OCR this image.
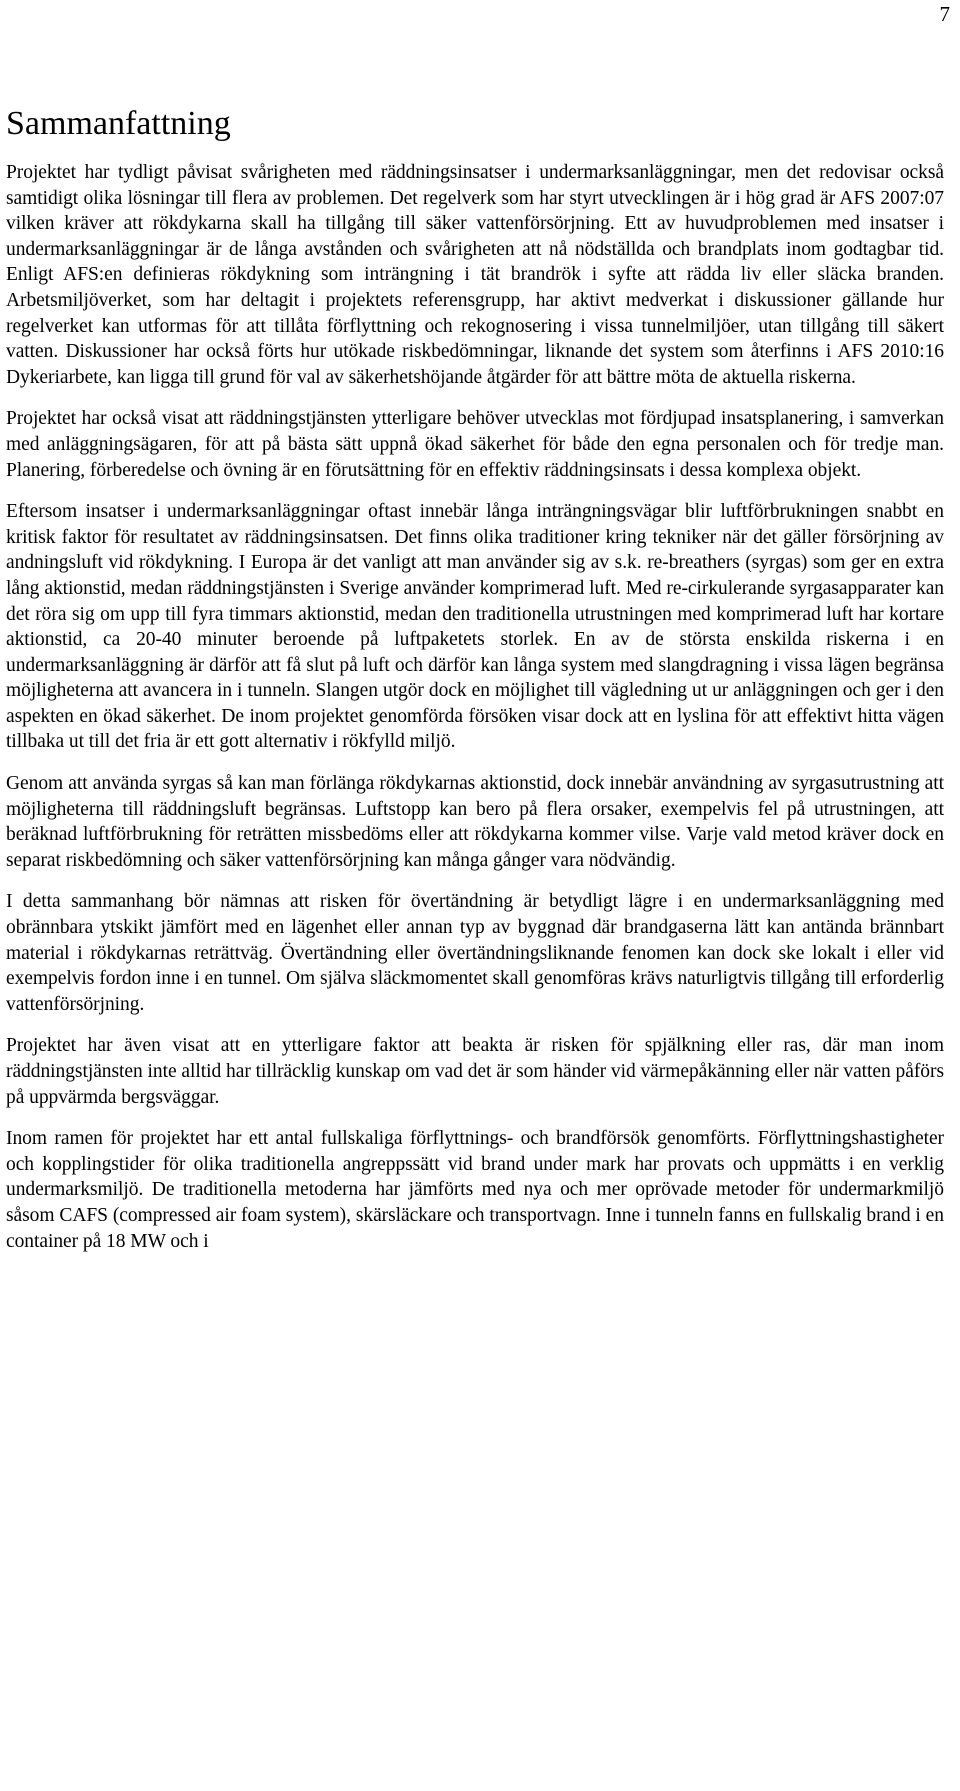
7

Sammanfattning

Projektet har tydligt påvisat svårigheten med räddningsinsatser i undermarksanläggningar, men det redovisar också samtidigt olika lösningar till flera av problemen. Det regelverk som har styrt utvecklingen är i hög grad är AFS 2007:07 vilken kräver att rökdykarna skall ha tillgång till säker vattenförsörjning. Ett av huvudproblemen med insatser i undermarksanläggningar är de långa avstånden och svårigheten att nå nödställda och brandplats inom godtagbar tid. Enligt AFS:en definieras rökdykning som inträngning i tät brandrök i syfte att rädda liv eller släcka branden. Arbetsmiljöverket, som har deltagit i projektets referensgrupp, har aktivt medverkat i diskussioner gällande hur regelverket kan utformas för att tillåta förflyttning och rekognosering i vissa tunnelmiljöer, utan tillgång till säkert vatten. Diskussioner har också förts hur utökade riskbedömningar, liknande det system som återfinns i AFS 2010:16 Dykeriarbete, kan ligga till grund för val av säkerhetshöjande åtgärder för att bättre möta de aktuella riskerna.

Projektet har också visat att räddningstjänsten ytterligare behöver utvecklas mot fördjupad insatsplanering, i samverkan med anläggningsägaren, för att på bästa sätt uppnå ökad säkerhet för både den egna personalen och för tredje man. Planering, förberedelse och övning är en förutsättning för en effektiv räddningsinsats i dessa komplexa objekt.

Eftersom insatser i undermarksanläggningar oftast innebär långa inträngningsvägar blir luftförbrukningen snabbt en kritisk faktor för resultatet av räddningsinsatsen. Det finns olika traditioner kring tekniker när det gäller försörjning av andningsluft vid rökdykning. I Europa är det vanligt att man använder sig av s.k. re-breathers (syrgas) som ger en extra lång aktionstid, medan räddningstjänsten i Sverige använder komprimerad luft. Med re-cirkulerande syrgasapparater kan det röra sig om upp till fyra timmars aktionstid, medan den traditionella utrustningen med komprimerad luft har kortare aktionstid, ca 20-40 minuter beroende på luftpaketets storlek. En av de största enskilda riskerna i en undermarksanläggning är därför att få slut på luft och därför kan långa system med slangdragning i vissa lägen begränsa möjligheterna att avancera in i tunneln. Slangen utgör dock en möjlighet till vägledning ut ur anläggningen och ger i den aspekten en ökad säkerhet. De inom projektet genomförda försöken visar dock att en lyslina för att effektivt hitta vägen tillbaka ut till det fria är ett gott alternativ i rökfylld miljö.

Genom att använda syrgas så kan man förlänga rökdykarnas aktionstid, dock innebär användning av syrgasutrustning att möjligheterna till räddningsluft begränsas. Luftstopp kan bero på flera orsaker, exempelvis fel på utrustningen, att beräknad luftförbrukning för reträtten missbedöms eller att rökdykarna kommer vilse. Varje vald metod kräver dock en separat riskbedömning och säker vattenförsörjning kan många gånger vara nödvändig.

I detta sammanhang bör nämnas att risken för övertändning är betydligt lägre i en undermarksanläggning med obrännbara ytskikt jämfört med en lägenhet eller annan typ av byggnad där brandgaserna lätt kan antända brännbart material i rökdykarnas reträttväg. Övertändning eller övertändningsliknande fenomen kan dock ske lokalt i eller vid exempelvis fordon inne i en tunnel. Om själva släckmomentet skall genomföras krävs naturligtvis tillgång till erforderlig vattenförsörjning.

Projektet har även visat att en ytterligare faktor att beakta är risken för spjälkning eller ras, där man inom räddningstjänsten inte alltid har tillräcklig kunskap om vad det är som händer vid värmepåkänning eller när vatten påförs på uppvärmda bergsväggar.

Inom ramen för projektet har ett antal fullskaliga förflyttnings- och brandförsök genomförts. Förflyttningshastigheter och kopplingstider för olika traditionella angreppssätt vid brand under mark har provats och uppmätts i en verklig undermarksmiljö. De traditionella metoderna har jämförts med nya och mer oprövade metoder för undermarkmiljö såsom CAFS (compressed air foam system), skärsläckare och transportvagn. Inne i tunneln fanns en fullskalig brand i en container på 18 MW och i
